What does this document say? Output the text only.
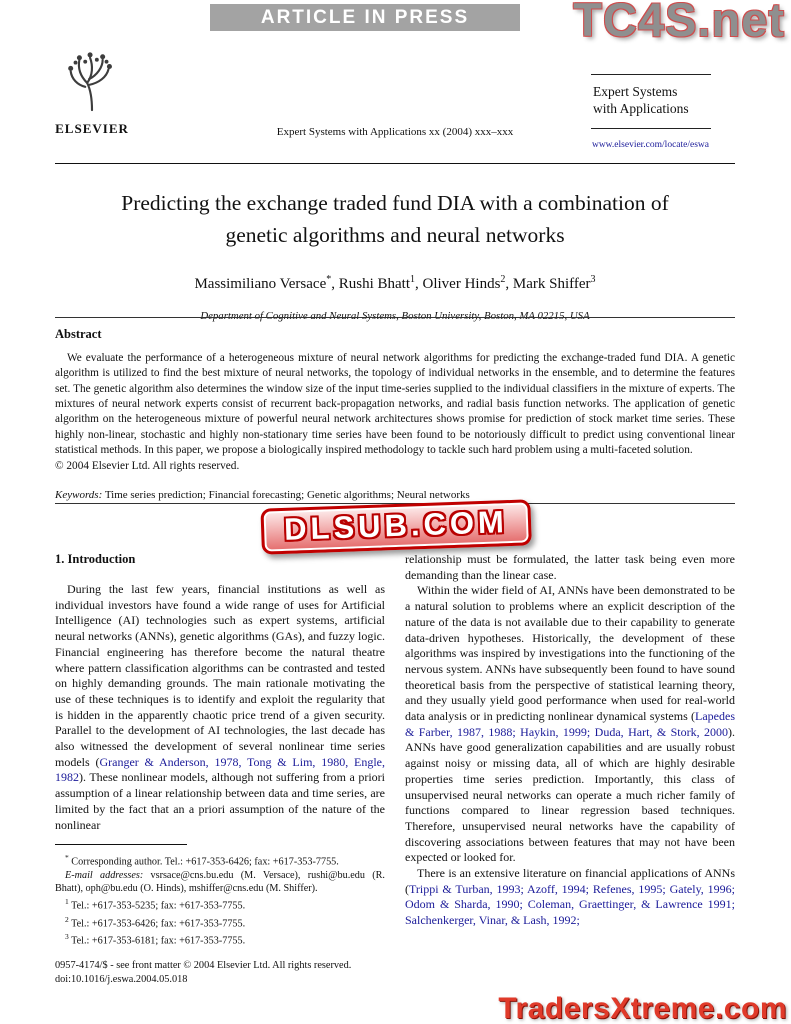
ARTICLE IN PRESS TC4S.net
ELSEVIER	Expert Systems with Applications xx (2004) xxx–xxx
Expert Systems
with Applications
www.elsevier.com/locate/eswa
Predicting the exchange traded fund DIA with a combination of genetic algorithms and neural networks
Massimiliano Versace*, Rushi Bhatt$^1$, Oliver Hinds$^2$, Mark Shiffer$^3$
Department of Cognitive and Neural Systems, Boston University, Boston, MA 02215, USA
Abstract

We evaluate the performance of a heterogeneous mixture of neural network algorithms for predicting the exchange-traded fund DIA. A genetic algorithm is utilized to find the best mixture of neural networks, the topology of individual networks in the ensemble, and to determine the features set. The genetic algorithm also determines the window size of the input time-series supplied to the individual classifiers in the mixture of experts. The mixtures of neural network experts consist of recurrent back-propagation networks, and radial basis function networks. The application of genetic algorithm on the heterogeneous mixture of powerful neural network architectures shows promise for prediction of stock market time series. These highly non-linear, stochastic and highly non-stationary time series have been found to be notoriously difficult to predict using conventional linear statistical methods. In this paper, we propose a biologically inspired methodology to tackle such hard problem using a multi-faceted solution.

© 2004 Elsevier Ltd. All rights reserved.
Keywords: Time series prediction; Financial forecasting; Genetic algorithms; Neural networks
DLSUB.COM
1. Introduction

During the last few years, financial institutions as well as individual investors have found a wide range of uses for Artificial Intelligence (AI) technologies such as expert systems, artificial neural networks (ANNs), genetic algorithms (GAs), and fuzzy logic. Financial engineering has therefore become the natural theatre where pattern classification algorithms can be contrasted and tested on highly demanding grounds. The main rationale motivating the use of these techniques is to identify and exploit the regularity that is hidden in the apparently chaotic price trend of a given security. Parallel to the development of AI technologies, the last decade has also witnessed the development of several nonlinear time series models (Granger & Anderson, 1978, Tong & Lim, 1980, Engle, 1982). These nonlinear models, although not suffering from a priori assumption of a linear relationship between data and time series, are limited by the fact that an a priori assumption of the nature of the nonlinear

* Corresponding author. Tel.: +617-353-6426; fax: +617-353-7755.

E-mail addresses: vsrsace@cns.bu.edu (M. Versace), rushi@bu.edu (R. Bhatt), oph@bu.edu (O. Hinds), mshiffer@cns.edu (M. Shiffer).

$^1$ Tel.: +617-353-5235; fax: +617-353-7755.

$^2$ Tel.: +617-353-6426; fax: +617-353-7755.

$^3$ Tel.: +617-353-6181; fax: +617-353-7755.

relationship must be formulated, the latter task being even more demanding than the linear case.

Within the wider field of AI, ANNs have been demonstrated to be a natural solution to problems where an explicit description of the nature of the data is not available due to their capability to generate data-driven hypotheses. Historically, the development of these algorithms was inspired by investigations into the functioning of the nervous system. ANNs have subsequently been found to have sound theoretical basis from the perspective of statistical learning theory, and they usually yield good performance when used for real-world data analysis or in predicting nonlinear dynamical systems (Lapedes & Farber, 1987, 1988; Haykin, 1999; Duda, Hart, & Stork, 2000). ANNs have good generalization capabilities and are usually robust against noisy or missing data, all of which are highly desirable properties time series prediction. Importantly, this class of unsupervised neural networks can operate a much richer family of functions compared to linear regression based techniques. Therefore, unsupervised neural networks have the capability of discovering associations between features that may not have been expected or looked for.

There is an extensive literature on financial applications of ANNs (Trippi & Turban, 1993; Azoff, 1994; Refenes, 1995; Gately, 1996; Odom & Sharda, 1990; Coleman, Graettinger, & Lawrence 1991; Salchenkerger, Vinar, & Lash, 1992;

0957-4174/$ - see front matter © 2004 Elsevier Ltd. All rights reserved.
doi:10.1016/j.eswa.2004.05.018
TradersXtreme.com
